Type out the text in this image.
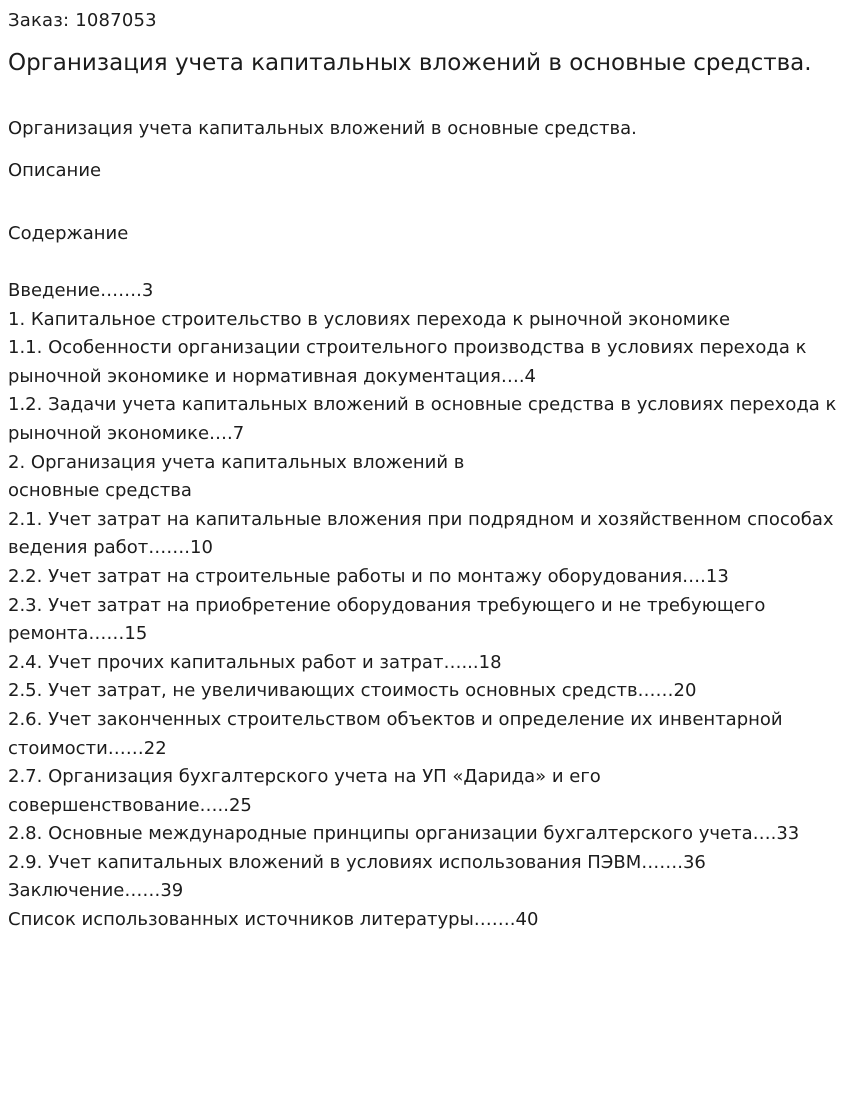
Заказ: 1087053
Организация учета капитальных вложений в основные средства.
Организация учета капитальных вложений в основные средства.
Описание
Содержание
Введение…….3
1. Капитальное строительство в условиях перехода к рыночной экономике
1.1. Особенности организации строительного производства в условиях перехода к рыночной экономике и нормативная документация….4
1.2. Задачи учета капитальных вложений в основные средства в условиях перехода к рыночной экономике….7
2. Организация учета капитальных вложений в
основные средства
2.1. Учет затрат на капитальные вложения при подрядном и хозяйственном способах ведения работ…….10
2.2. Учет затрат на строительные работы и по монтажу оборудования….13
2.3. Учет затрат на приобретение оборудования требующего и не требующего ремонта……15
2.4. Учет прочих капитальных работ и затрат…...18
2.5. Учет затрат, не увеличивающих стоимость основных средств……20
2.6. Учет законченных строительством объектов и определение их инвентарной стоимости……22
2.7. Организация бухгалтерского учета на УП «Дарида» и его совершенствование…..25
2.8. Основные международные принципы организации бухгалтерского учета….33
2.9. Учет капитальных вложений в условиях использования ПЭВМ…….36
Заключение……39
Список использованных источников литературы…….40
